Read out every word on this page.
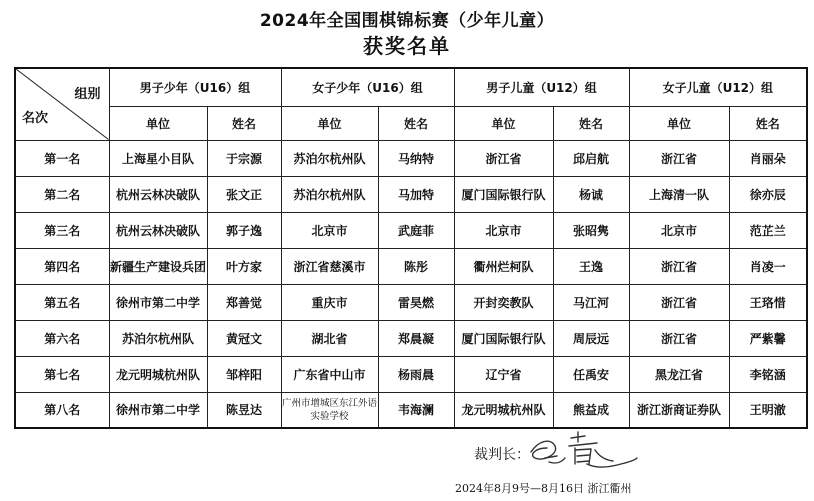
2024年全国围棋锦标赛（少年儿童）
获奖名单
组别
名次	男子少年（U16）组		女子少年（U16）组		男子儿童（U12）组		女子儿童（U12）组	
	单位	姓名	单位	姓名	单位	姓名	单位	姓名
第一名	上海星小目队	于宗源	苏泊尔杭州队	马纳特	浙江省	邱启航	浙江省	肖丽朵
第二名	杭州云林决破队	张文正	苏泊尔杭州队	马加特	厦门国际银行队	杨诚	上海清一队	徐亦辰
第三名	杭州云林决破队	郭子逸	北京市	武庭菲	北京市	张昭隽	北京市	范芷兰
第四名	新疆生产建设兵团	叶方家	浙江省慈溪市	陈彤	衢州烂柯队	王逸	浙江省	肖凌一
第五名	徐州市第二中学	郑善觉	重庆市	雷昊燃	开封奕教队	马江河	浙江省	王珞惜
第六名	苏泊尔杭州队	黄冠文	湖北省	郑晨凝	厦门国际银行队	周辰远	浙江省	严紫馨
第七名	龙元明城杭州队	邹梓阳	广东省中山市	杨雨晨	辽宁省	任禹安	黑龙江省	李铭涵
第八名	徐州市第二中学	陈昱达	广州市增城区东江外语实验学校	韦海澜	龙元明城杭州队	熊益成	浙江浙商证券队	王明澈
裁判长：
2024年8月9号—8月16日 浙江衢州
